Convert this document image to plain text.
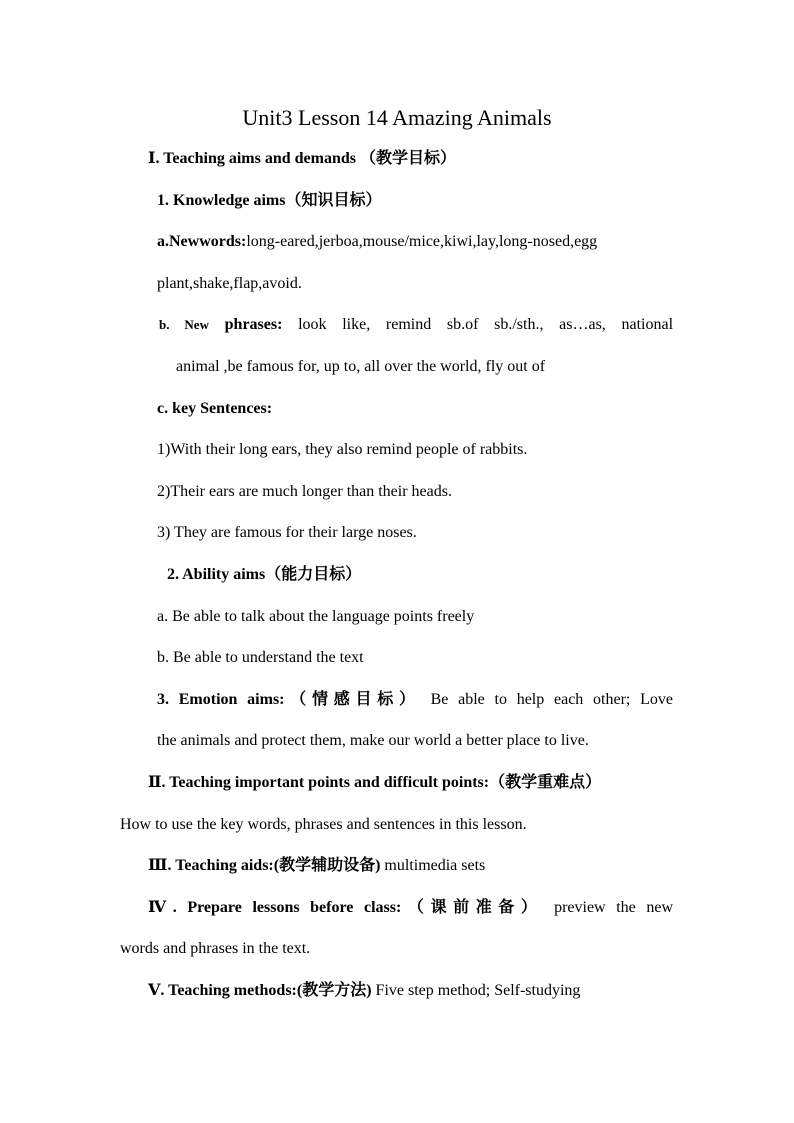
Unit3 Lesson 14 Amazing Animals
Ⅰ. Teaching aims and demands （教学目标）
1. Knowledge aims（知识目标）
a.Newwords:long-eared,jerboa,mouse/mice,kiwi,lay,long-nosed,egg
plant,shake,flap,avoid.
b. New phrases: look like, remind sb.of sb./sth., as…as, national
animal ,be famous for, up to, all over the world, fly out of
c. key Sentences:
1)With their long ears, they also remind people of rabbits.
2)Their ears are much longer than their heads.
3) They are famous for their large noses.
2. Ability aims（能力目标）
a. Be able to talk about the language points freely
b. Be able to understand the text
3. Emotion aims:（情感目标） Be able to help each other; Love
the animals and protect them, make our world a better place to live.
Ⅱ. Teaching important points and difficult points:（教学重难点）
How to use the key words, phrases and sentences in this lesson.
Ⅲ. Teaching aids:(教学辅助设备) multimedia sets
Ⅳ. Prepare lessons before class:（课前准备） preview the new
words and phrases in the text.
Ⅴ. Teaching methods:(教学方法) Five step method; Self-studying
